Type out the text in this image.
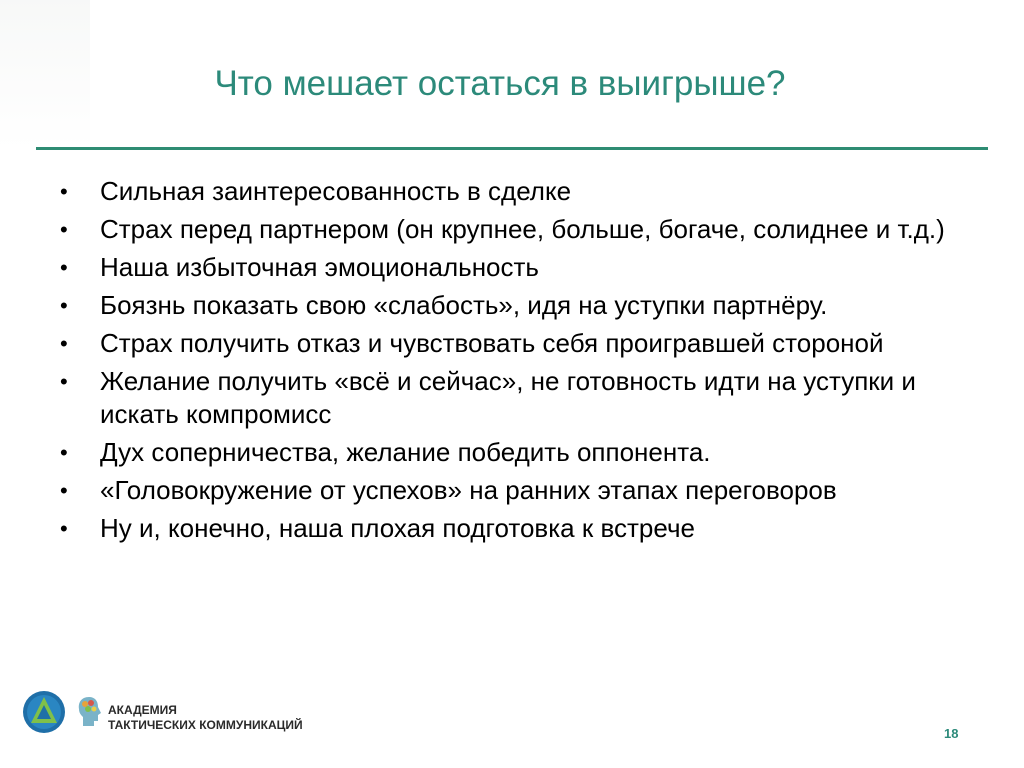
Что мешает остаться в выигрыше?
• Сильная заинтересованность в сделке
• Страх перед партнером (он крупнее, больше, богаче, солиднее и т.д.)
• Наша избыточная эмоциональность
• Боязнь показать свою «слабость», идя на уступки партнёру.
• Страх получить отказ и чувствовать себя проигравшей стороной
• Желание получить «всё и сейчас», не готовность идти на уступки и искать компромисс
• Дух соперничества, желание победить оппонента.
• «Головокружение от успехов» на ранних этапах переговоров
• Ну и, конечно, наша плохая подготовка к встрече
АКАДЕМИЯ
ТАКТИЧЕСКИХ КОММУНИКАЦИЙ
18
